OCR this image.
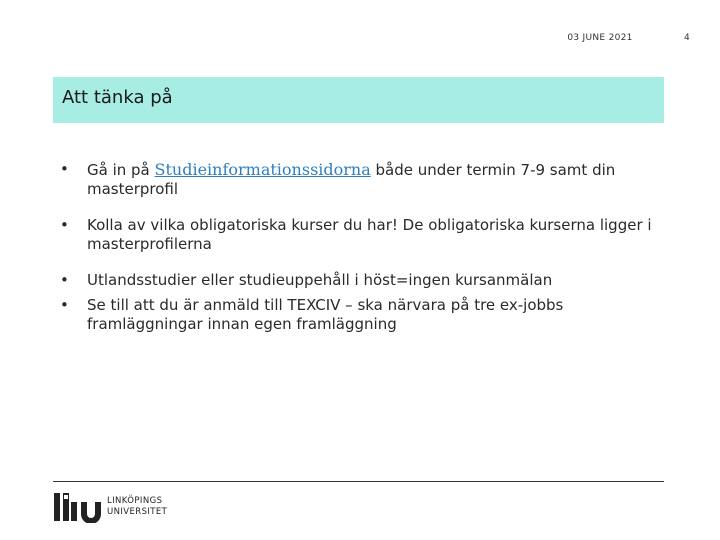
03 JUNE 2021	4
Att tänka på
• Gå in på Studieinformationssidorna både under termin 7-9 samt din masterprofil
• Kolla av vilka obligatoriska kurser du har! De obligatoriska kurserna ligger i masterprofilerna
• Utlandsstudier eller studieuppehåll i höst=ingen kursanmälan
• Se till att du är anmäld till TEXCIV – ska närvara på tre ex-jobbs framläggningar innan egen framläggning
LINKÖPINGS
UNIVERSITET
